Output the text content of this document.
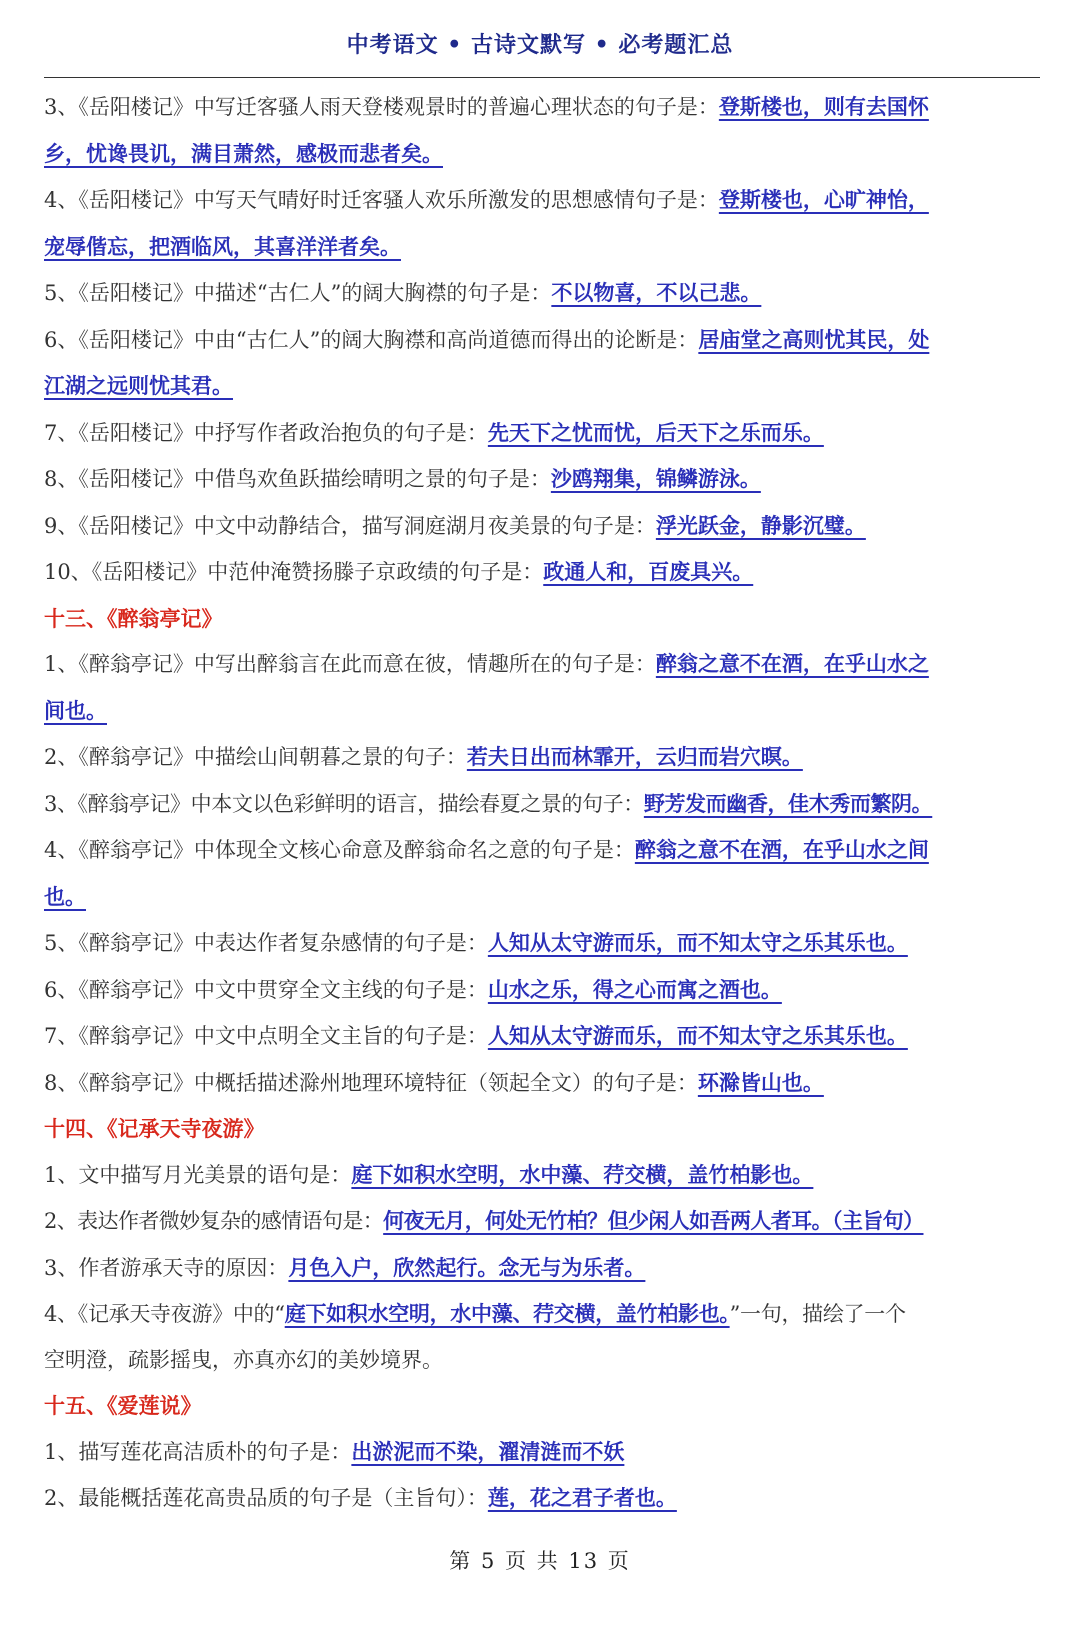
中考语文 • 古诗文默写 • 必考题汇总
3、《岳阳楼记》中写迁客骚人雨天登楼观景时的普遍心理状态的句子是：登斯楼也，则有去国怀
乡，忧谗畏讥，满目萧然，感极而悲者矣。
4、《岳阳楼记》中写天气晴好时迁客骚人欢乐所激发的思想感情句子是：登斯楼也，心旷神怡，
宠辱偕忘，把酒临风，其喜洋洋者矣。
5、《岳阳楼记》中描述“古仁人”的阔大胸襟的句子是：不以物喜，不以己悲。
6、《岳阳楼记》中由“古仁人”的阔大胸襟和高尚道德而得出的论断是：居庙堂之高则忧其民，处
江湖之远则忧其君。
7、《岳阳楼记》中抒写作者政治抱负的句子是：先天下之忧而忧，后天下之乐而乐。
8、《岳阳楼记》中借鸟欢鱼跃描绘晴明之景的句子是：沙鸥翔集，锦鳞游泳。
9、《岳阳楼记》中文中动静结合，描写洞庭湖月夜美景的句子是：浮光跃金，静影沉璧。
10、《岳阳楼记》中范仲淹赞扬滕子京政绩的句子是：政通人和，百废具兴。
十三、《醉翁亭记》
1、《醉翁亭记》中写出醉翁言在此而意在彼，情趣所在的句子是：醉翁之意不在酒，在乎山水之
间也。
2、《醉翁亭记》中描绘山间朝暮之景的句子：若夫日出而林霏开，云归而岩穴暝。
3、《醉翁亭记》中本文以色彩鲜明的语言，描绘春夏之景的句子：野芳发而幽香，佳木秀而繁阴。
4、《醉翁亭记》中体现全文核心命意及醉翁命名之意的句子是：醉翁之意不在酒，在乎山水之间
也。
5、《醉翁亭记》中表达作者复杂感情的句子是：人知从太守游而乐，而不知太守之乐其乐也。
6、《醉翁亭记》中文中贯穿全文主线的句子是：山水之乐，得之心而寓之酒也。
7、《醉翁亭记》中文中点明全文主旨的句子是：人知从太守游而乐，而不知太守之乐其乐也。
8、《醉翁亭记》中概括描述滁州地理环境特征（领起全文）的句子是：环滁皆山也。
十四、《记承天寺夜游》
1、文中描写月光美景的语句是：庭下如积水空明，水中藻、荇交横，盖竹柏影也。
2、表达作者微妙复杂的感情语句是：何夜无月，何处无竹柏？但少闲人如吾两人者耳。（主旨句）
3、作者游承天寺的原因：月色入户，欣然起行。念无与为乐者。
4、《记承天寺夜游》中的“庭下如积水空明，水中藻、荇交横，盖竹柏影也。”一句，描绘了一个
空明澄，疏影摇曳，亦真亦幻的美妙境界。
十五、《爱莲说》
1、描写莲花高洁质朴的句子是：出淤泥而不染，濯清涟而不妖
2、最能概括莲花高贵品质的句子是（主旨句）：莲，花之君子者也。
第 5 页 共 13 页
